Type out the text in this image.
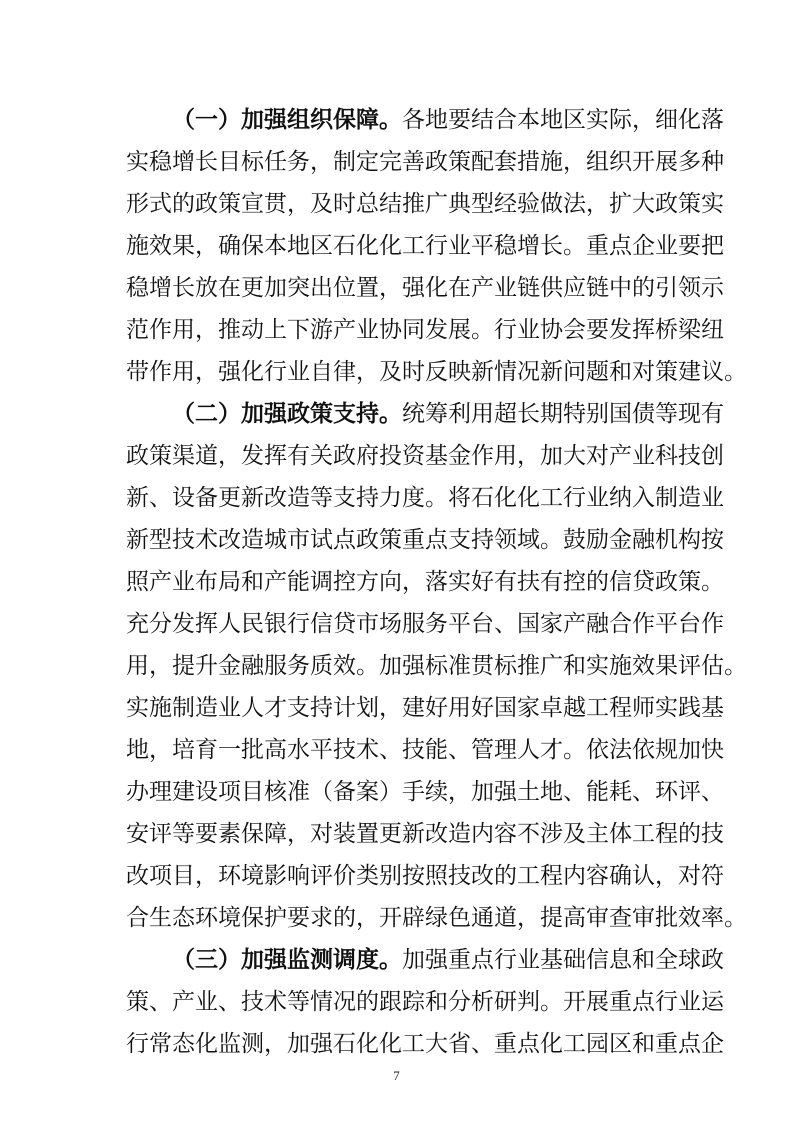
（一）加强组织保障。各地要结合本地区实际，细化落
实稳增长目标任务，制定完善政策配套措施，组织开展多种
形式的政策宣贯，及时总结推广典型经验做法，扩大政策实
施效果，确保本地区石化化工行业平稳增长。重点企业要把
稳增长放在更加突出位置，强化在产业链供应链中的引领示
范作用，推动上下游产业协同发展。行业协会要发挥桥梁纽
带作用，强化行业自律，及时反映新情况新问题和对策建议。
（二）加强政策支持。统筹利用超长期特别国债等现有
政策渠道，发挥有关政府投资基金作用，加大对产业科技创
新、设备更新改造等支持力度。将石化化工行业纳入制造业
新型技术改造城市试点政策重点支持领域。鼓励金融机构按
照产业布局和产能调控方向，落实好有扶有控的信贷政策。
充分发挥人民银行信贷市场服务平台、国家产融合作平台作
用，提升金融服务质效。加强标准贯标推广和实施效果评估。
实施制造业人才支持计划，建好用好国家卓越工程师实践基
地，培育一批高水平技术、技能、管理人才。依法依规加快
办理建设项目核准（备案）手续，加强土地、能耗、环评、
安评等要素保障，对装置更新改造内容不涉及主体工程的技
改项目，环境影响评价类别按照技改的工程内容确认，对符
合生态环境保护要求的，开辟绿色通道，提高审查审批效率。
（三）加强监测调度。加强重点行业基础信息和全球政
策、产业、技术等情况的跟踪和分析研判。开展重点行业运
行常态化监测，加强石化化工大省、重点化工园区和重点企
7
